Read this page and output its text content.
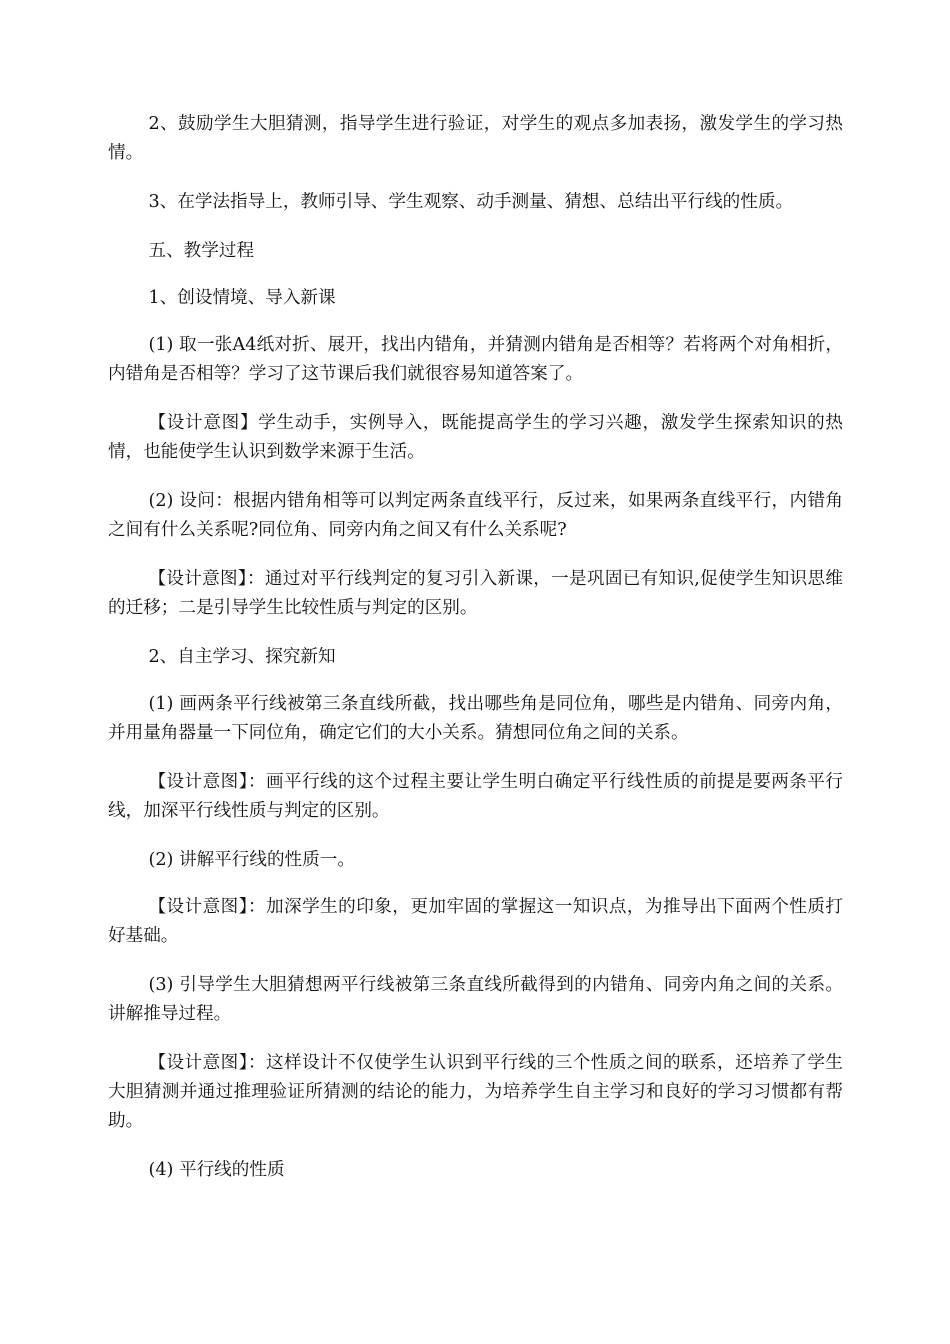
2、鼓励学生大胆猜测，指导学生进行验证，对学生的观点多加表扬，激发学生的学习热情。

3、在学法指导上，教师引导、学生观察、动手测量、猜想、总结出平行线的性质。

五、教学过程

1、创设情境、导入新课

(1) 取一张A4纸对折、展开，找出内错角，并猜测内错角是否相等？若将两个对角相折，内错角是否相等？学习了这节课后我们就很容易知道答案了。

【设计意图】学生动手，实例导入，既能提高学生的学习兴趣，激发学生探索知识的热情，也能使学生认识到数学来源于生活。

(2) 设问：根据内错角相等可以判定两条直线平行，反过来，如果两条直线平行，内错角之间有什么关系呢?同位角、同旁内角之间又有什么关系呢?

【设计意图】：通过对平行线判定的复习引入新课，一是巩固已有知识,促使学生知识思维的迁移；二是引导学生比较性质与判定的区别。

2、自主学习、探究新知

(1) 画两条平行线被第三条直线所截，找出哪些角是同位角，哪些是内错角、同旁内角，并用量角器量一下同位角，确定它们的大小关系。猜想同位角之间的关系。

【设计意图】：画平行线的这个过程主要让学生明白确定平行线性质的前提是要两条平行线，加深平行线性质与判定的区别。

(2) 讲解平行线的性质一。

【设计意图】：加深学生的印象，更加牢固的掌握这一知识点，为推导出下面两个性质打好基础。

(3) 引导学生大胆猜想两平行线被第三条直线所截得到的内错角、同旁内角之间的关系。讲解推导过程。

【设计意图】：这样设计不仅使学生认识到平行线的三个性质之间的联系，还培养了学生大胆猜测并通过推理验证所猜测的结论的能力，为培养学生自主学习和良好的学习习惯都有帮助。

(4) 平行线的性质
